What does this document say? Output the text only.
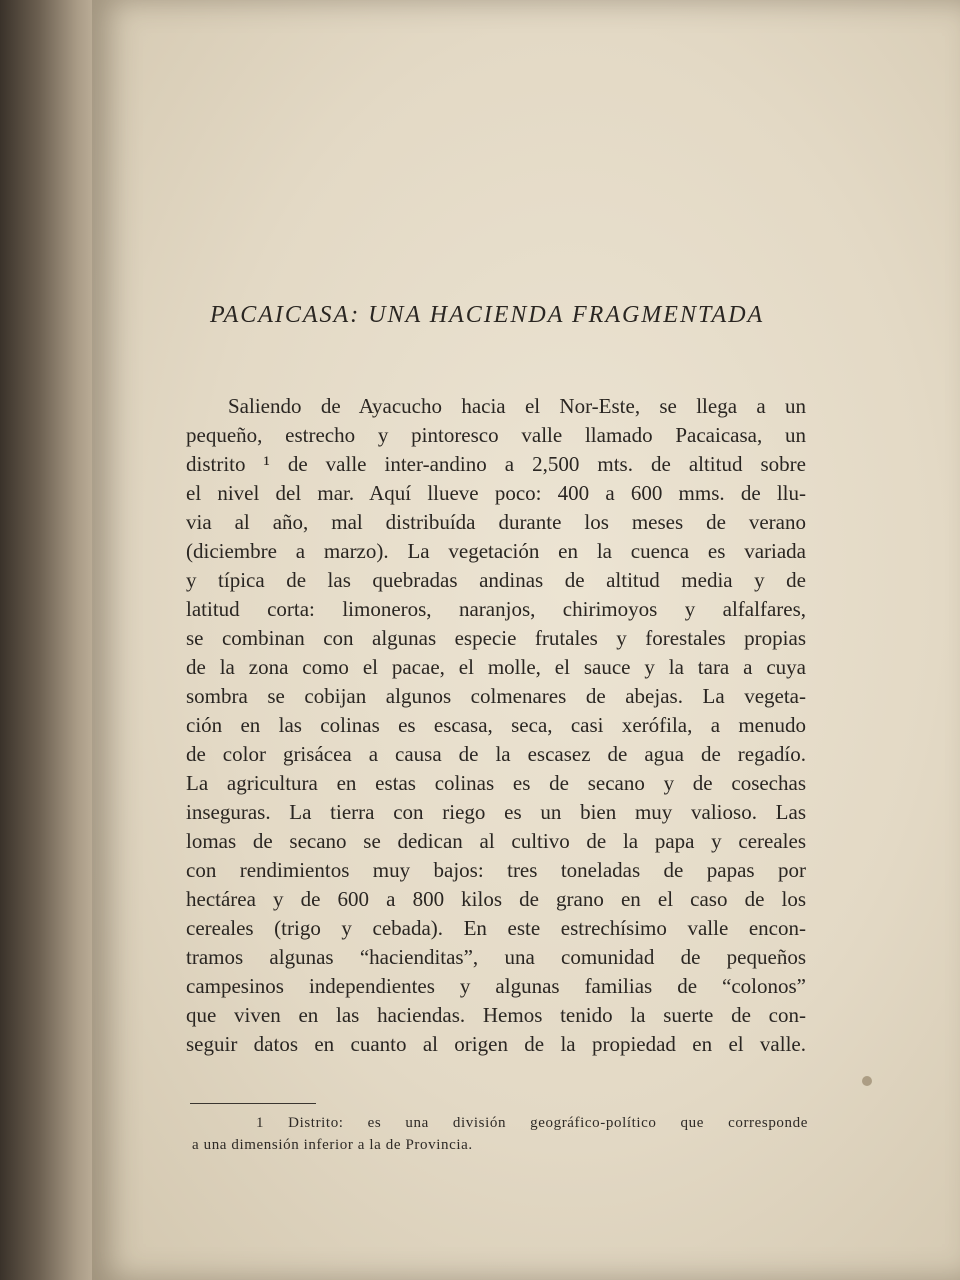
PACAICASA: UNA HACIENDA FRAGMENTADA
Saliendo de Ayacucho hacia el Nor-Este, se llega a un
pequeño, estrecho y pintoresco valle llamado Pacaicasa, un
distrito ¹ de valle inter-andino a 2,500 mts. de altitud sobre
el nivel del mar. Aquí llueve poco: 400 a 600 mms. de llu-
via al año, mal distribuída durante los meses de verano
(diciembre a marzo). La vegetación en la cuenca es variada
y típica de las quebradas andinas de altitud media y de
latitud corta: limoneros, naranjos, chirimoyos y alfalfares,
se combinan con algunas especie frutales y forestales propias
de la zona como el pacae, el molle, el sauce y la tara a cuya
sombra se cobijan algunos colmenares de abejas. La vegeta-
ción en las colinas es escasa, seca, casi xerófila, a menudo
de color grisácea a causa de la escasez de agua de regadío.
La agricultura en estas colinas es de secano y de cosechas
inseguras. La tierra con riego es un bien muy valioso. Las
lomas de secano se dedican al cultivo de la papa y cereales
con rendimientos muy bajos: tres toneladas de papas por
hectárea y de 600 a 800 kilos de grano en el caso de los
cereales (trigo y cebada). En este estrechísimo valle encon-
tramos algunas “hacienditas”, una comunidad de pequeños
campesinos independientes y algunas familias de “colonos”
que viven en las haciendas. Hemos tenido la suerte de con-
seguir datos en cuanto al origen de la propiedad en el valle.
1 Distrito: es una división geográfico-político que corresponde
a una dimensión inferior a la de Provincia.
